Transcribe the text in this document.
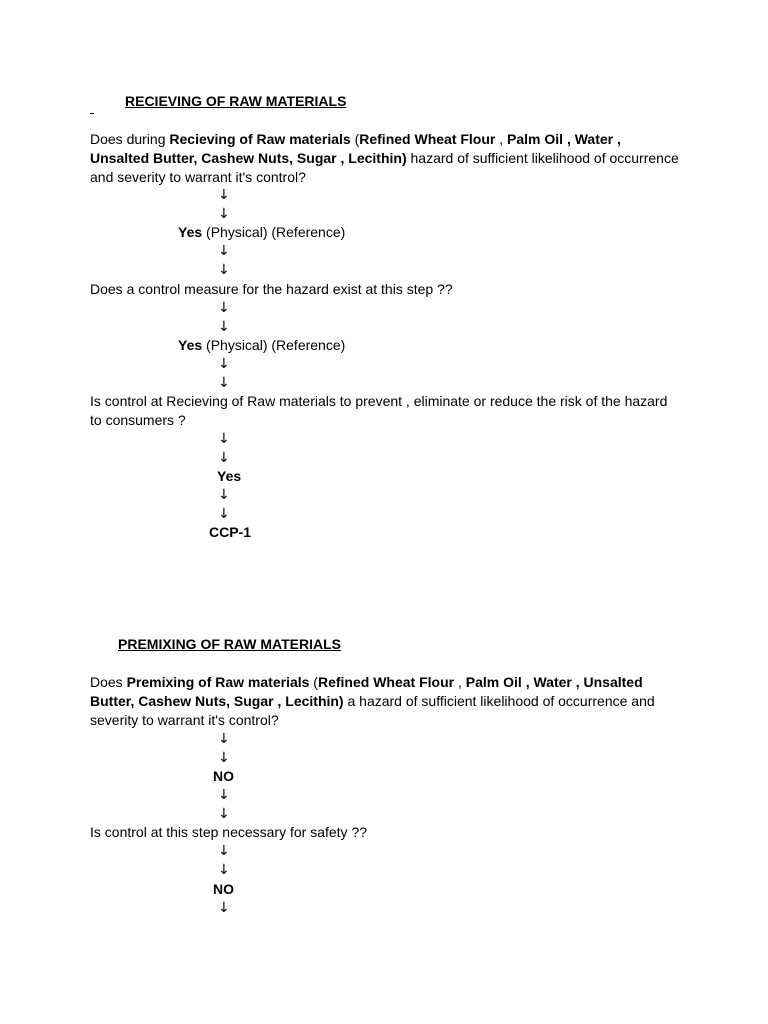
RECIEVING OF RAW MATERIALS
Does during Recieving of Raw materials (Refined Wheat Flour , Palm Oil , Water ,
Unsalted Butter, Cashew Nuts, Sugar , Lecithin) hazard of sufficient likelihood of occurrence and severity to warrant it's control?
↓
↓
Yes (Physical) (Reference)
↓
↓
Does a control measure for the hazard exist at this step ??
↓
↓
Yes (Physical) (Reference)
↓
↓
Is control at Recieving of Raw materials to prevent , eliminate or reduce the risk of the hazard to consumers ?
↓
↓
Yes
↓
↓
CCP-1
PREMIXING OF RAW MATERIALS
Does Premixing of Raw materials (Refined Wheat Flour , Palm Oil , Water , Unsalted Butter, Cashew Nuts, Sugar , Lecithin) a hazard of sufficient likelihood of occurrence and severity to warrant it's control?
↓
↓
NO
↓
↓
Is control at this step necessary for safety ??
↓
↓
NO
↓
